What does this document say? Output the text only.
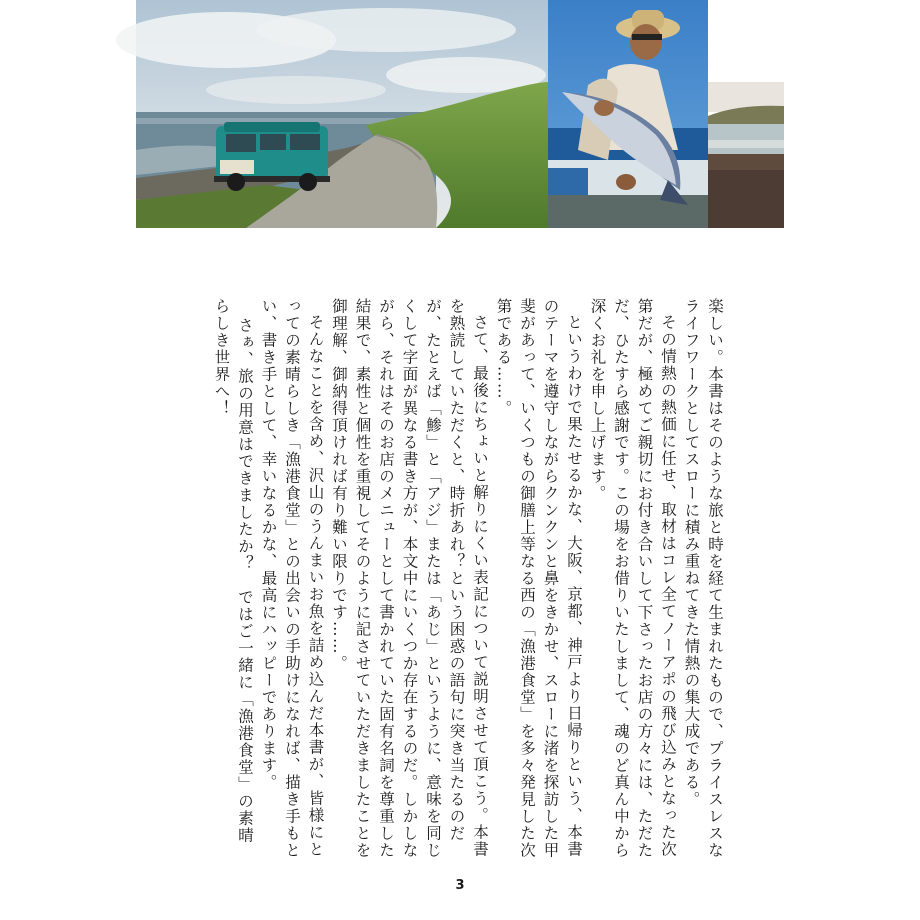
楽しい。本書はそのような旅と時を経て生まれたもので、プライスレスなライフワークとしてスローに積み重ねてきた情熱の集大成である。

その情熱の熱価に任せ、取材はコレ全てノーアポの飛び込みとなった次第だが、極めてご親切にお付き合いして下さったお店の方々には、ただただ、ひたすら感謝です。この場をお借りいたしまして、魂のど真ん中から深くお礼を申し上げます。

というわけで果たせるかな、大阪、京都、神戸より日帰りという、本書のテーマを遵守しながらクンクンと鼻をきかせ、スローに渚を探訪した甲斐があって、いくつもの御膳上等なる西の「漁港食堂」を多々発見した次第である……。

さて、最後にちょいと解りにくい表記について説明させて頂こう。本書を熟読していただくと、時折あれ？という困惑の語句に突き当たるのだが、たとえば「鯵」と「アジ」または「あじ」というように、意味を同じくして字面が異なる書き方が、本文中にいくつか存在するのだ。しかしながら、それはそのお店のメニューとして書かれていた固有名詞を尊重した結果で、素性と個性を重視してそのように記させていただきましたことを御理解、御納得頂ければ有り難い限りです……。

そんなことを含め、沢山のうんまいお魚を詰め込んだ本書が、皆様にとっての素晴らしき「漁港食堂」との出会いの手助けになれば、描き手もとい、書き手として、幸いなるかな、最高にハッピーであります。

さぁ、旅の用意はできましたか？　ではご一緒に「漁港食堂」の素晴らしき世界へ！

3
